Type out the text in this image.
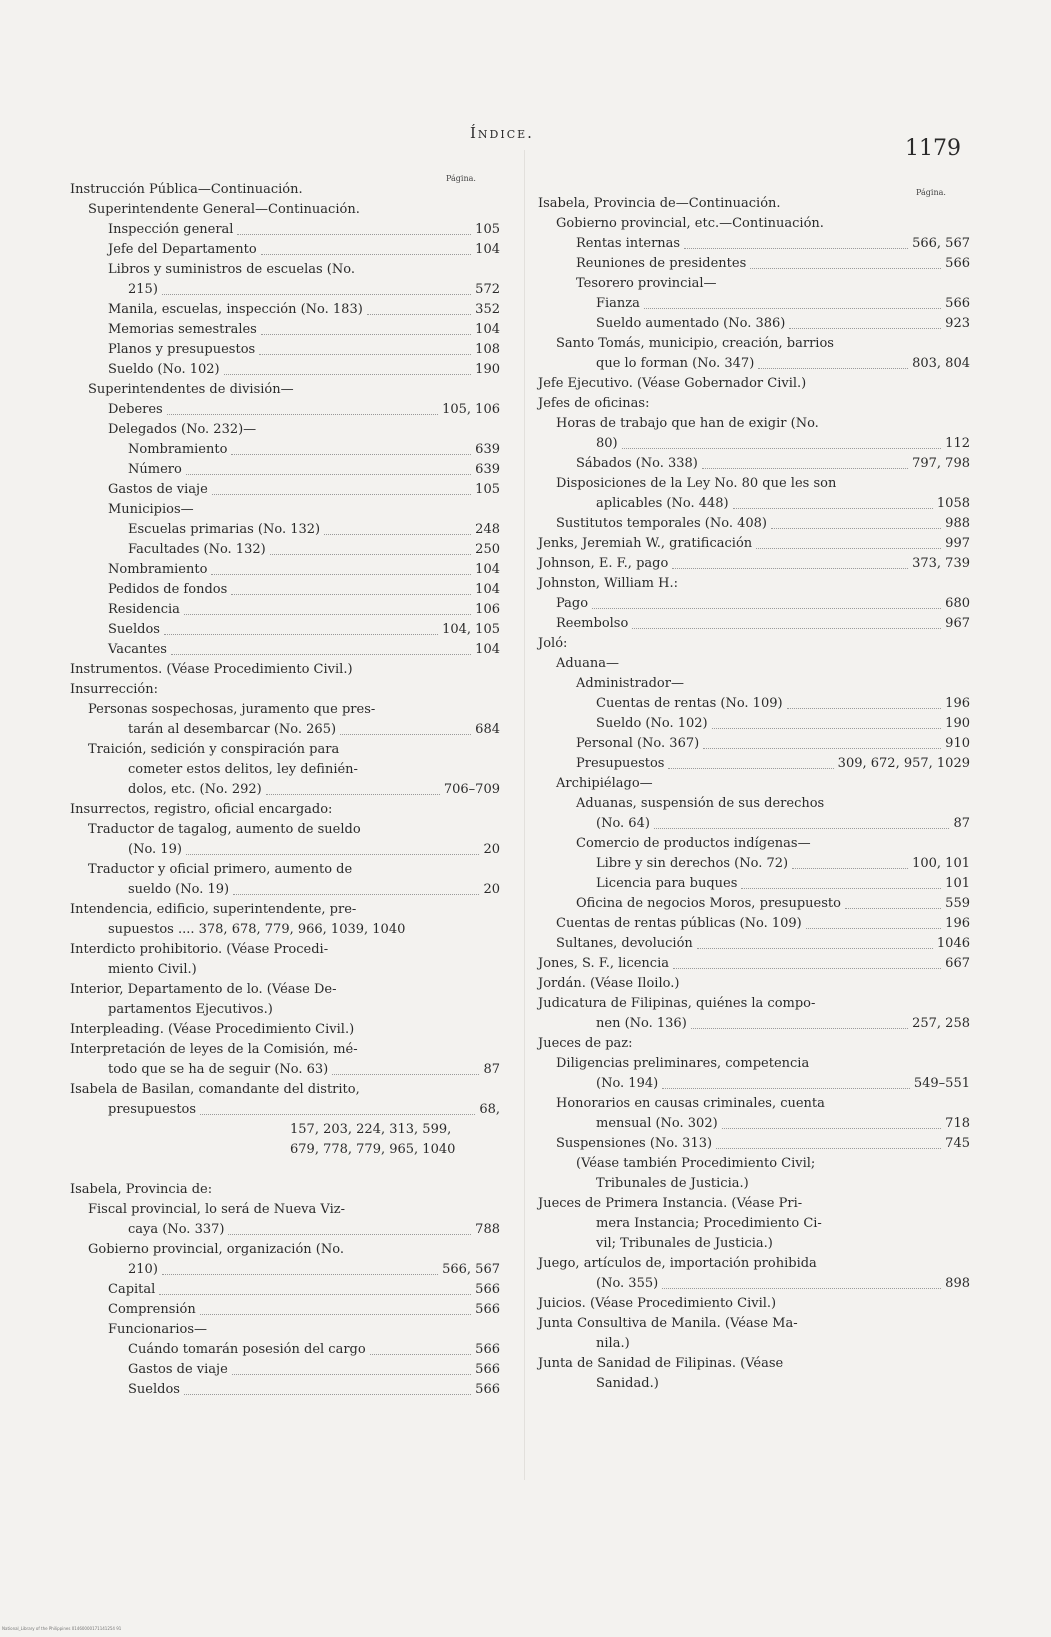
Índice.
1179
Página.
Instrucción Pública—Continuación.
Superintendente General—Continuación.
Inspección general	105
Jefe del Departamento	104
Libros y suministros de escuelas (No.
215)	572
Manila, escuelas, inspección (No. 183)	352
Memorias semestrales	104
Planos y presupuestos	108
Sueldo (No. 102)	190
Superintendentes de división—
Deberes	105, 106
Delegados (No. 232)—
Nombramiento	639
Número	639
Gastos de viaje	105
Municipios—
Escuelas primarias (No. 132)	248
Facultades (No. 132)	250
Nombramiento	104
Pedidos de fondos	104
Residencia	106
Sueldos	104, 105
Vacantes	104
Instrumentos. (Véase Procedimiento Civil.)
Insurrección:
Personas sospechosas, juramento que pres-
tarán al desembarcar (No. 265)	684
Traición, sedición y conspiración para
cometer estos delitos, ley definién-
dolos, etc. (No. 292)	706–709
Insurrectos, registro, oficial encargado:
Traductor de tagalog, aumento de sueldo
(No. 19)	20
Traductor y oficial primero, aumento de
sueldo (No. 19)	20
Intendencia, edificio, superintendente, pre-
supuestos .... 378, 678, 779, 966, 1039, 1040
Interdicto prohibitorio. (Véase Procedi-
miento Civil.)
Interior, Departamento de lo. (Véase De-
partamentos Ejecutivos.)
Interpleading. (Véase Procedimiento Civil.)
Interpretación de leyes de la Comisión, mé-
todo que se ha de seguir (No. 63)	87
Isabela de Basilan, comandante del distrito,
presupuestos	68,
157, 203, 224, 313, 599,
679, 778, 779, 965, 1040
Isabela, Provincia de:
Fiscal provincial, lo será de Nueva Viz-
caya (No. 337)	788
Gobierno provincial, organización (No.
210)	566, 567
Capital	566
Comprensión	566
Funcionarios—
Cuándo tomarán posesión del cargo	566
Gastos de viaje	566
Sueldos	566
Página.
Isabela, Provincia de—Continuación.
Gobierno provincial, etc.—Continuación.
Rentas internas	566, 567
Reuniones de presidentes	566
Tesorero provincial—
Fianza	566
Sueldo aumentado (No. 386)	923
Santo Tomás, municipio, creación, barrios
que lo forman (No. 347)	803, 804
Jefe Ejecutivo. (Véase Gobernador Civil.)
Jefes de oficinas:
Horas de trabajo que han de exigir (No.
80)	112
Sábados (No. 338)	797, 798
Disposiciones de la Ley No. 80 que les son
aplicables (No. 448)	1058
Sustitutos temporales (No. 408)	988
Jenks, Jeremiah W., gratificación	997
Johnson, E. F., pago	373, 739
Johnston, William H.:
Pago	680
Reembolso	967
Joló:
Aduana—
Administrador—
Cuentas de rentas (No. 109)	196
Sueldo (No. 102)	190
Personal (No. 367)	910
Presupuestos	309, 672, 957, 1029
Archipiélago—
Aduanas, suspensión de sus derechos
(No. 64)	87
Comercio de productos indígenas—
Libre y sin derechos (No. 72)	100, 101
Licencia para buques	101
Oficina de negocios Moros, presupuesto	559
Cuentas de rentas públicas (No. 109)	196
Sultanes, devolución	1046
Jones, S. F., licencia	667
Jordán. (Véase Iloilo.)
Judicatura de Filipinas, quiénes la compo-
nen (No. 136)	257, 258
Jueces de paz:
Diligencias preliminares, competencia
(No. 194)	549–551
Honorarios en causas criminales, cuenta
mensual (No. 302)	718
Suspensiones (No. 313)	745
(Véase también Procedimiento Civil;
Tribunales de Justicia.)
Jueces de Primera Instancia. (Véase Pri-
mera Instancia; Procedimiento Ci-
vil; Tribunales de Justicia.)
Juego, artículos de, importación prohibida
(No. 355)	898
Juicios. (Véase Procedimiento Civil.)
Junta Consultiva de Manila. (Véase Ma-
nila.)
Junta de Sanidad de Filipinas. (Véase
Sanidad.)
National_Library of the Philippines 01460000171141254 91
